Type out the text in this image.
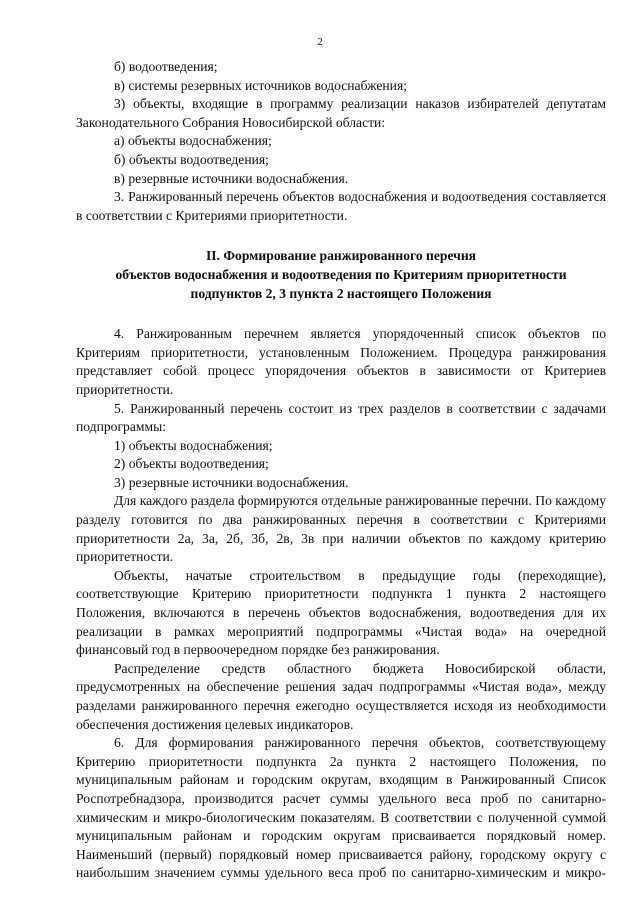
2

б) водоотведения;

в) системы резервных источников водоснабжения;

3) объекты, входящие в программу реализации наказов избирателей депутатам Законодательного Собрания Новосибирской области:

а) объекты водоснабжения;

б) объекты водоотведения;

в) резервные источники водоснабжения.

3. Ранжированный перечень объектов водоснабжения и водоотведения составляется в соответствии с Критериями приоритетности.

II. Формирование ранжированного перечня
объектов водоснабжения и водоотведения по Критериям приоритетности
подпунктов 2, 3 пункта 2 настоящего Положения

4. Ранжированным перечнем является упорядоченный список объектов по Критериям приоритетности, установленным Положением. Процедура ранжирования представляет собой процесс упорядочения объектов в зависимости от Критериев приоритетности.

5. Ранжированный перечень состоит из трех разделов в соответствии с задачами подпрограммы:

1) объекты водоснабжения;

2) объекты водоотведения;

3) резервные источники водоснабжения.

Для каждого раздела формируются отдельные ранжированные перечни. По каждому разделу готовится по два ранжированных перечня в соответствии с Критериями приоритетности 2а, 3а, 2б, 3б, 2в, 3в при наличии объектов по каждому критерию приоритетности.

Объекты, начатые строительством в предыдущие годы (переходящие), соответствующие Критерию приоритетности подпункта 1 пункта 2 настоящего Положения, включаются в перечень объектов водоснабжения, водоотведения для их реализации в рамках мероприятий подпрограммы «Чистая вода» на очередной финансовый год в первоочередном порядке без ранжирования.

Распределение средств областного бюджета Новосибирской области, предусмотренных на обеспечение решения задач подпрограммы «Чистая вода», между разделами ранжированного перечня ежегодно осуществляется исходя из необходимости обеспечения достижения целевых индикаторов.

6. Для формирования ранжированного перечня объектов, соответствующему Критерию приоритетности подпункта 2а пункта 2 настоящего Положения, по муниципальным районам и городским округам, входящим в Ранжированный Список Роспотребнадзора, производится расчет суммы удельного веса проб по санитарно-химическим и микро-биологическим показателям. В соответствии с полученной суммой муниципальным районам и городским округам присваивается порядковый номер. Наименьший (первый) порядковый номер присваивается району, городскому округу с наибольшим значением суммы удельного веса проб по санитарно-химическим и микро-
